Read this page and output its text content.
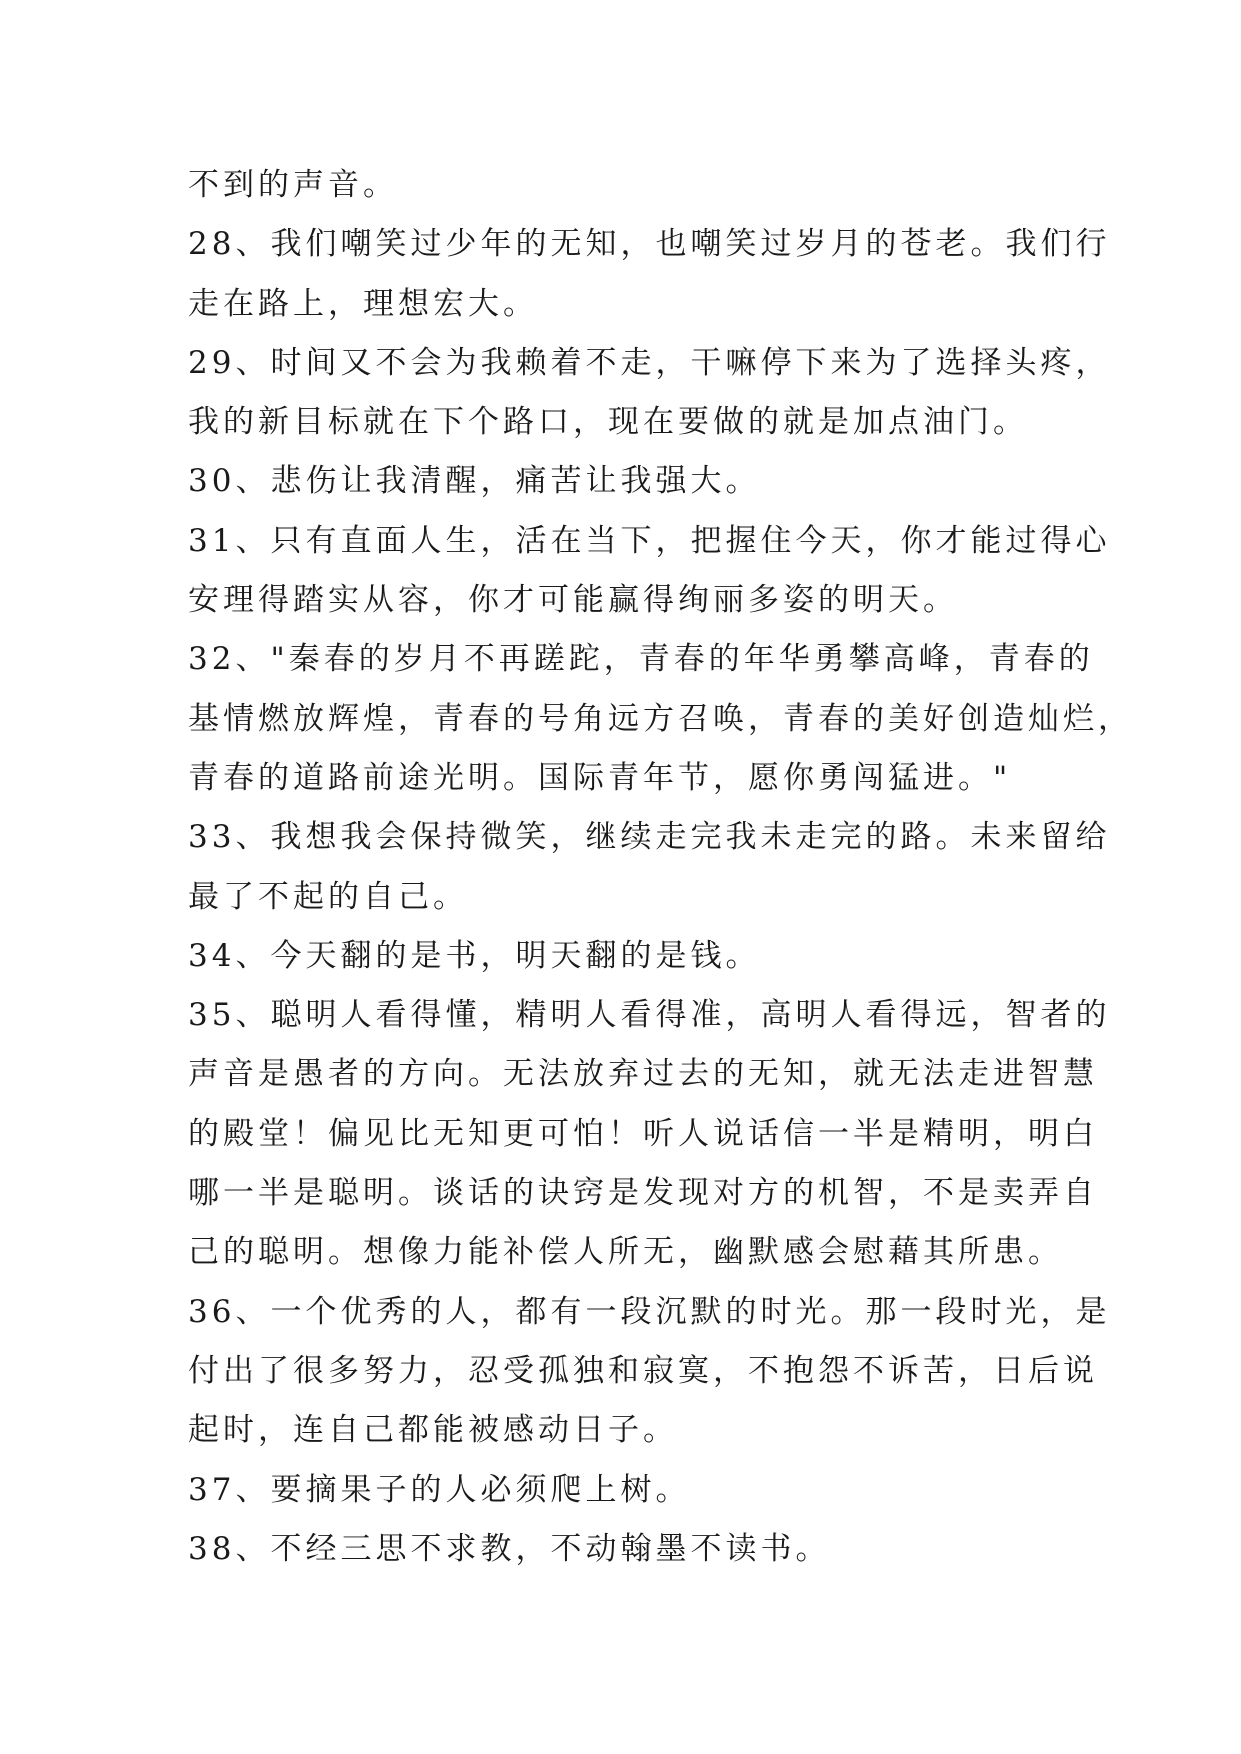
不到的声音。
28、我们嘲笑过少年的无知，也嘲笑过岁月的苍老。我们行
走在路上，理想宏大。
29、时间又不会为我赖着不走，干嘛停下来为了选择头疼，
我的新目标就在下个路口，现在要做的就是加点油门。
30、悲伤让我清醒，痛苦让我强大。
31、只有直面人生，活在当下，把握住今天，你才能过得心
安理得踏实从容，你才可能赢得绚丽多姿的明天。
32、"秦春的岁月不再蹉跎，青春的年华勇攀高峰，青春的
基情燃放辉煌，青春的号角远方召唤，青春的美好创造灿烂，
青春的道路前途光明。国际青年节，愿你勇闯猛进。"
33、我想我会保持微笑，继续走完我未走完的路。未来留给
最了不起的自己。
34、今天翻的是书，明天翻的是钱。
35、聪明人看得懂，精明人看得准，高明人看得远，智者的
声音是愚者的方向。无法放弃过去的无知，就无法走进智慧
的殿堂！偏见比无知更可怕！听人说话信一半是精明，明白
哪一半是聪明。谈话的诀窍是发现对方的机智，不是卖弄自
己的聪明。想像力能补偿人所无，幽默感会慰藉其所患。
36、一个优秀的人，都有一段沉默的时光。那一段时光，是
付出了很多努力，忍受孤独和寂寞，不抱怨不诉苦，日后说
起时，连自己都能被感动日子。
37、要摘果子的人必须爬上树。
38、不经三思不求教，不动翰墨不读书。
